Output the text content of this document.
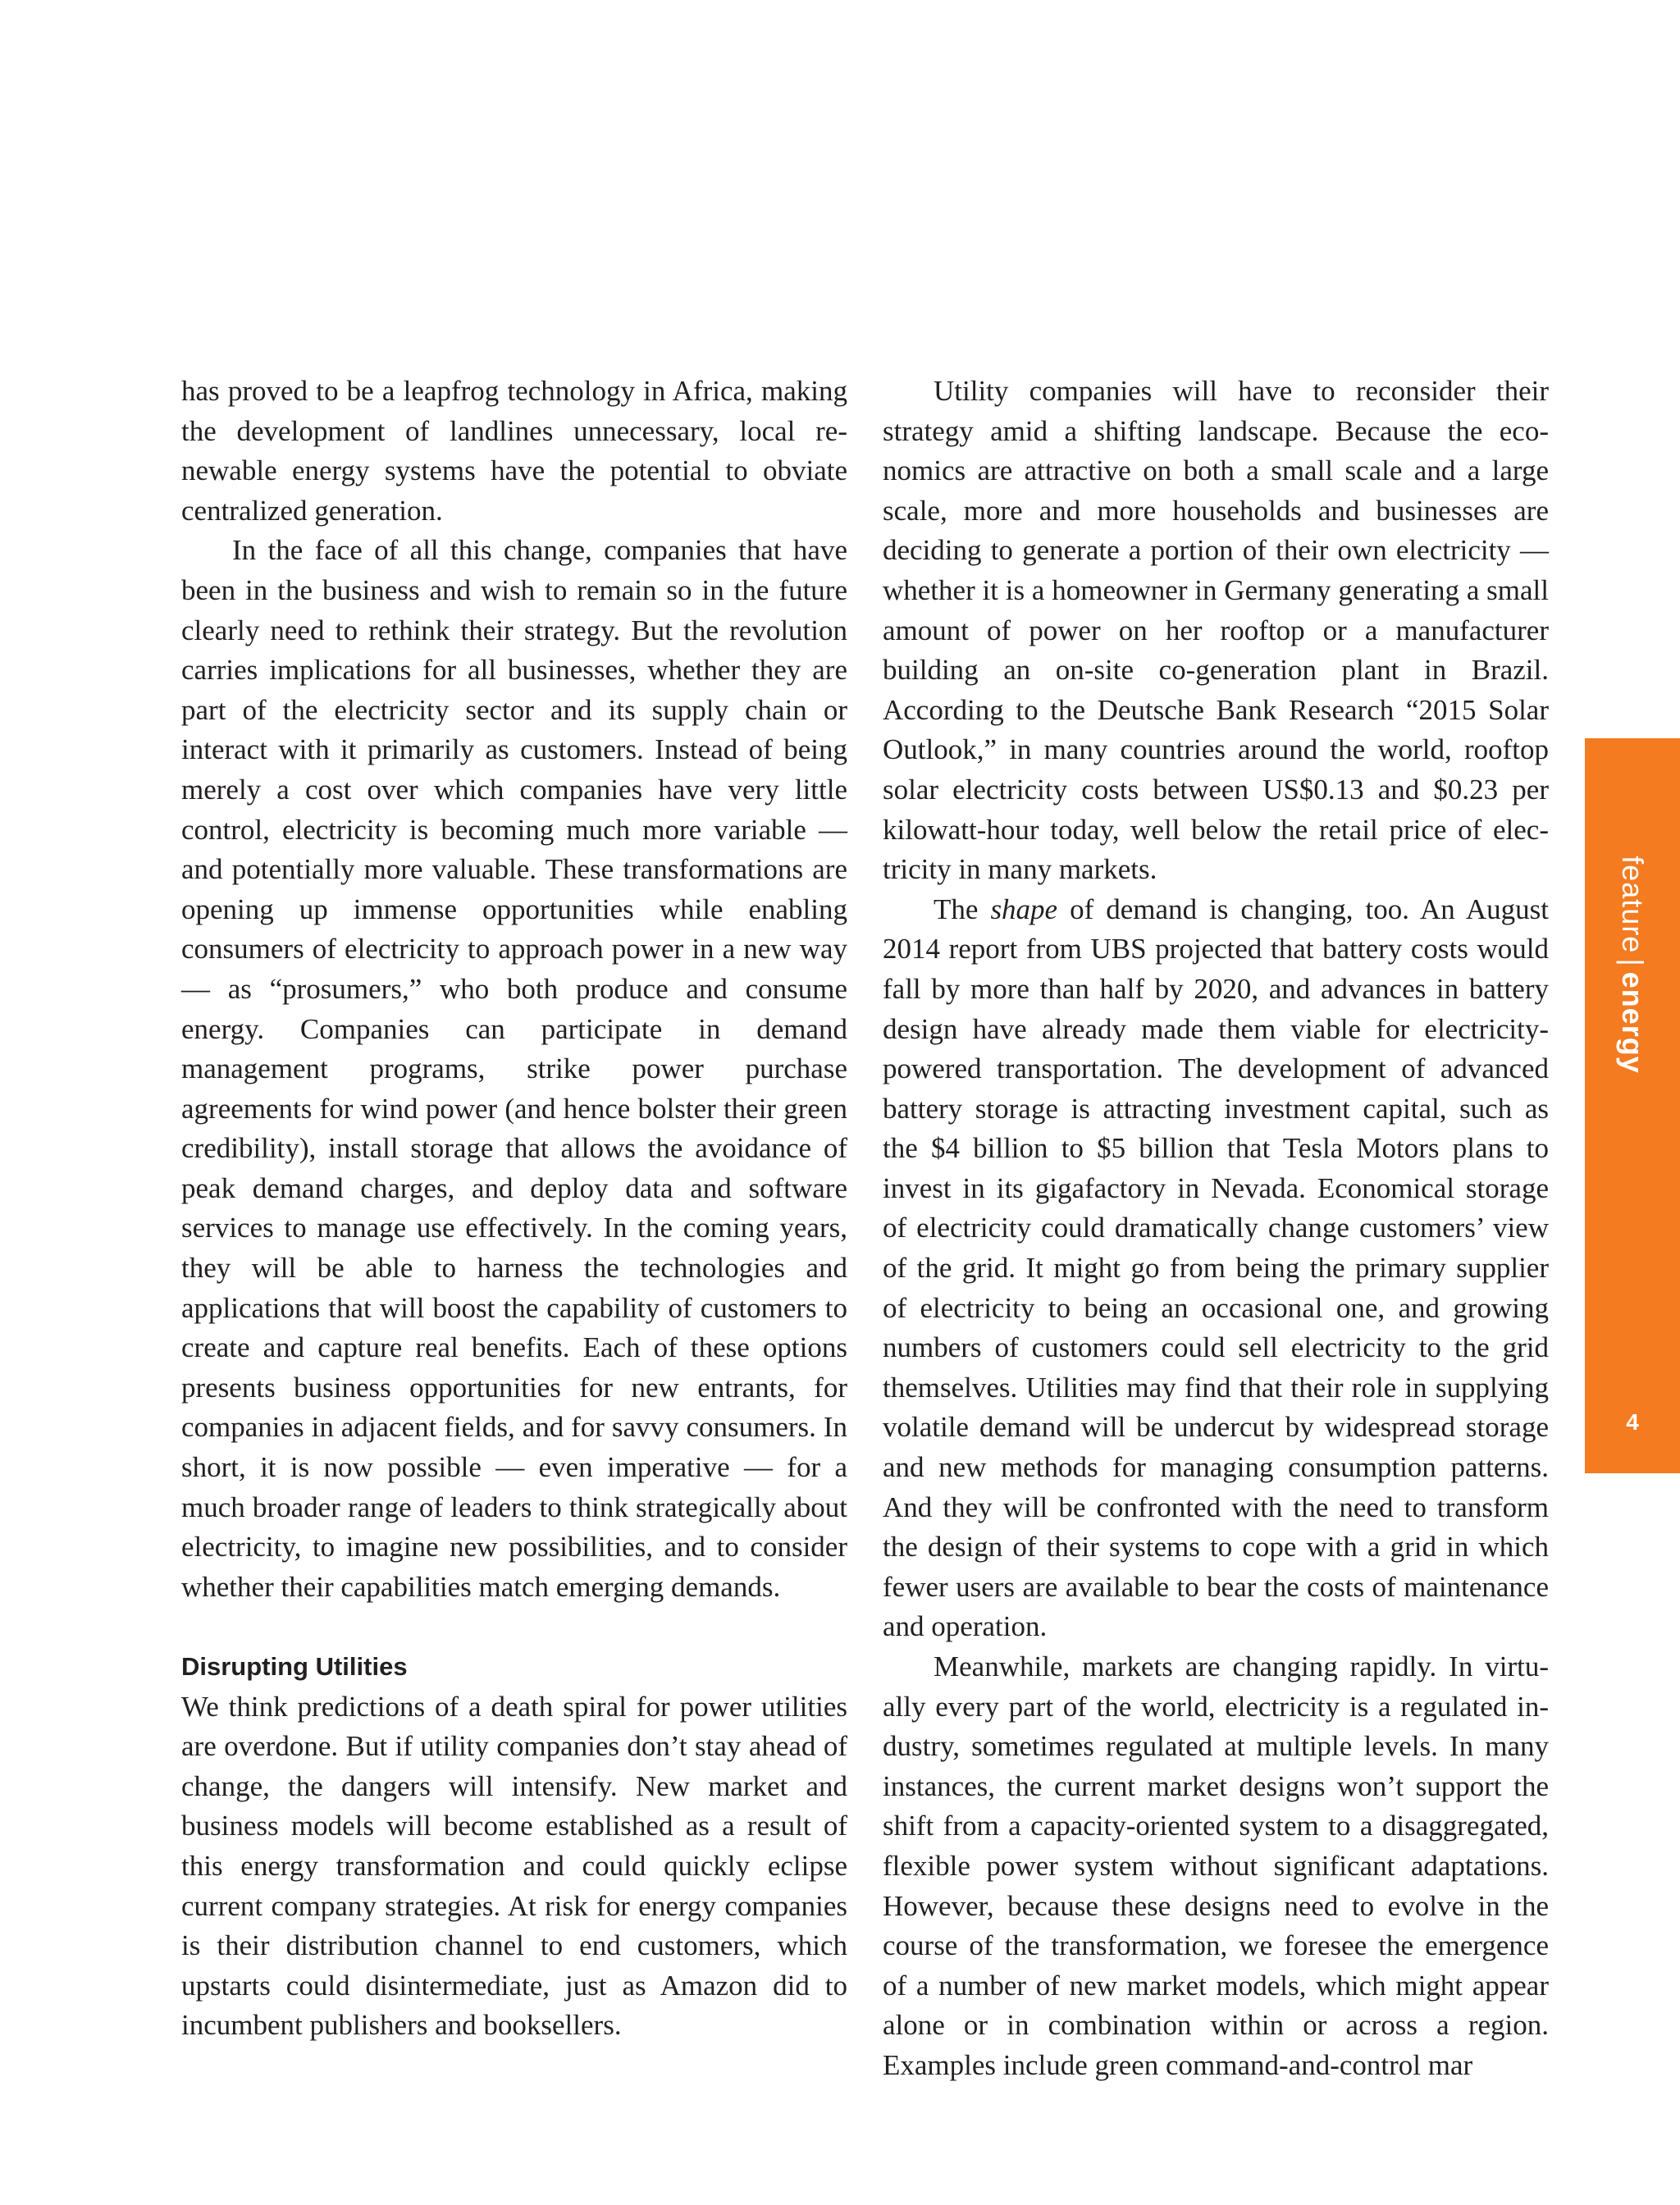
has proved to be a leapfrog technology in Africa, making the development of landlines unnecessary, local renewable energy systems have the potential to obviate centralized generation.

In the face of all this change, companies that have been in the business and wish to remain so in the future clearly need to rethink their strategy. But the revolution carries implications for all businesses, whether they are part of the electricity sector and its supply chain or interact with it primarily as customers. Instead of being merely a cost over which companies have very little control, electricity is becoming much more variable — and potentially more valuable. These transformations are opening up immense opportunities while enabling consumers of electricity to approach power in a new way — as “prosumers,” who both produce and consume energy. Companies can participate in demand management programs, strike power purchase agreements for wind power (and hence bolster their green credibility), install storage that allows the avoidance of peak demand charges, and deploy data and software services to manage use effectively. In the coming years, they will be able to harness the technologies and applications that will boost the capability of customers to create and capture real benefits. Each of these options presents business opportunities for new entrants, for companies in adjacent fields, and for savvy consumers. In short, it is now possible — even imperative — for a much broader range of leaders to think strategically about electricity, to imagine new possibilities, and to consider whether their capabilities match emerging demands.

Disrupting Utilities

We think predictions of a death spiral for power utilities are overdone. But if utility companies don’t stay ahead of change, the dangers will intensify. New market and business models will become established as a result of this energy transformation and could quickly eclipse current company strategies. At risk for energy companies is their distribution channel to end customers, which upstarts could disintermediate, just as Amazon did to incumbent publishers and booksellers.

Utility companies will have to reconsider their strategy amid a shifting landscape. Because the economics are attractive on both a small scale and a large scale, more and more households and businesses are deciding to generate a portion of their own electricity — whether it is a homeowner in Germany generating a small amount of power on her rooftop or a manufacturer building an on-site co-generation plant in Brazil. According to the Deutsche Bank Research “2015 Solar Outlook,” in many countries around the world, rooftop solar electricity costs between US$0.13 and $0.23 per kilowatt-hour today, well below the retail price of electricity in many markets.

The shape of demand is changing, too. An August 2014 report from UBS projected that battery costs would fall by more than half by 2020, and advances in battery design have already made them viable for electricity-powered transportation. The development of advanced battery storage is attracting investment capital, such as the $4 billion to $5 billion that Tesla Motors plans to invest in its gigafactory in Nevada. Economical storage of electricity could dramatically change customers’ view of the grid. It might go from being the primary supplier of electricity to being an occasional one, and growing numbers of customers could sell electricity to the grid themselves. Utilities may find that their role in supplying volatile demand will be undercut by widespread storage and new methods for managing consumption patterns. And they will be confronted with the need to transform the design of their systems to cope with a grid in which fewer users are available to bear the costs of maintenance and operation.

Meanwhile, markets are changing rapidly. In virtually every part of the world, electricity is a regulated industry, sometimes regulated at multiple levels. In many instances, the current market designs won’t support the shift from a capacity-oriented system to a disaggregated, flexible power system without significant adaptations. However, because these designs need to evolve in the course of the transformation, we foresee the emergence of a number of new market models, which might appear alone or in combination within or across a region. Examples include green command-and-control mar

feature|energy
4
